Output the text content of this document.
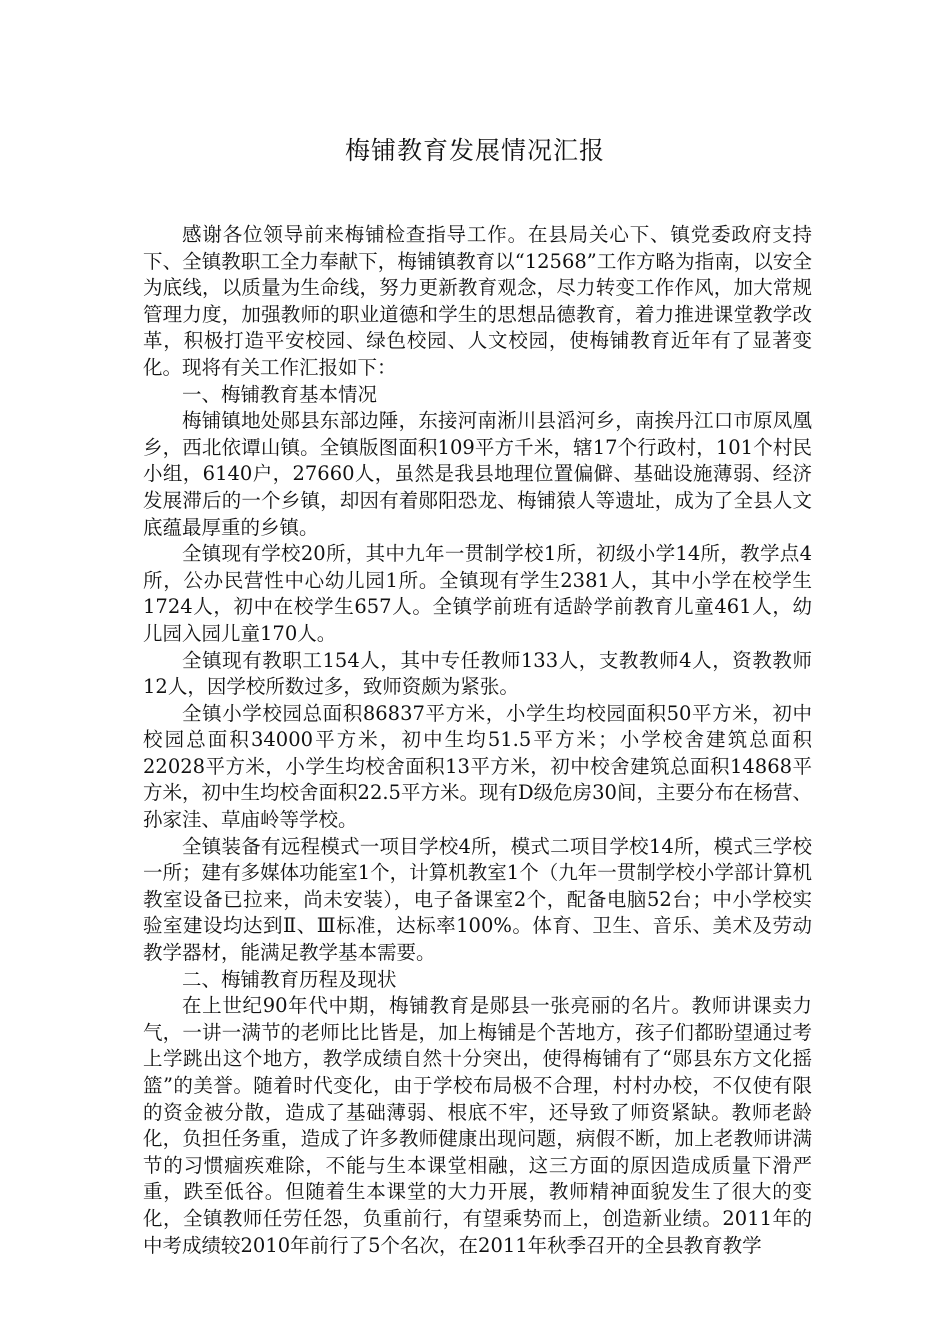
梅铺教育发展情况汇报

感谢各位领导前来梅铺检查指导工作。在县局关心下、镇党委政府支持下、全镇教职工全力奉献下，梅铺镇教育以“12568”工作方略为指南，以安全为底线，以质量为生命线，努力更新教育观念，尽力转变工作作风，加大常规管理力度，加强教师的职业道德和学生的思想品德教育，着力推进课堂教学改革，积极打造平安校园、绿色校园、人文校园，使梅铺教育近年有了显著变化。现将有关工作汇报如下：

一、梅铺教育基本情况

梅铺镇地处郧县东部边陲，东接河南淅川县滔河乡，南挨丹江口市原凤凰乡，西北依谭山镇。全镇版图面积109平方千米，辖17个行政村，101个村民小组，6140户，27660人，虽然是我县地理位置偏僻、基础设施薄弱、经济发展滞后的一个乡镇，却因有着郧阳恐龙、梅铺猿人等遗址，成为了全县人文底蕴最厚重的乡镇。

全镇现有学校20所，其中九年一贯制学校1所，初级小学14所，教学点4所，公办民营性中心幼儿园1所。全镇现有学生2381人，其中小学在校学生1724人，初中在校学生657人。全镇学前班有适龄学前教育儿童461人，幼儿园入园儿童170人。

全镇现有教职工154人，其中专任教师133人，支教教师4人，资教教师12人，因学校所数过多，致师资颇为紧张。

全镇小学校园总面积86837平方米，小学生均校园面积50平方米，初中校园总面积34000平方米，初中生均51.5平方米；小学校舍建筑总面积22028平方米，小学生均校舍面积13平方米，初中校舍建筑总面积14868平方米，初中生均校舍面积22.5平方米。现有D级危房30间，主要分布在杨营、孙家洼、草庙岭等学校。

全镇装备有远程模式一项目学校4所，模式二项目学校14所，模式三学校一所；建有多媒体功能室1个，计算机教室1个（九年一贯制学校小学部计算机教室设备已拉来，尚未安装），电子备课室2个，配备电脑52台；中小学校实验室建设均达到Ⅱ、Ⅲ标准，达标率100%。体育、卫生、音乐、美术及劳动教学器材，能满足教学基本需要。

二、梅铺教育历程及现状

在上世纪90年代中期，梅铺教育是郧县一张亮丽的名片。教师讲课卖力气，一讲一满节的老师比比皆是，加上梅铺是个苦地方，孩子们都盼望通过考上学跳出这个地方，教学成绩自然十分突出，使得梅铺有了“郧县东方文化摇篮”的美誉。随着时代变化，由于学校布局极不合理，村村办校，不仅使有限的资金被分散，造成了基础薄弱、根底不牢，还导致了师资紧缺。教师老龄化，负担任务重，造成了许多教师健康出现问题，病假不断，加上老教师讲满节的习惯痼疾难除，不能与生本课堂相融，这三方面的原因造成质量下滑严重，跌至低谷。但随着生本课堂的大力开展，教师精神面貌发生了很大的变化，全镇教师任劳任怨，负重前行，有望乘势而上，创造新业绩。2011年的中考成绩较2010年前行了5个名次，在2011年秋季召开的全县教育教学
